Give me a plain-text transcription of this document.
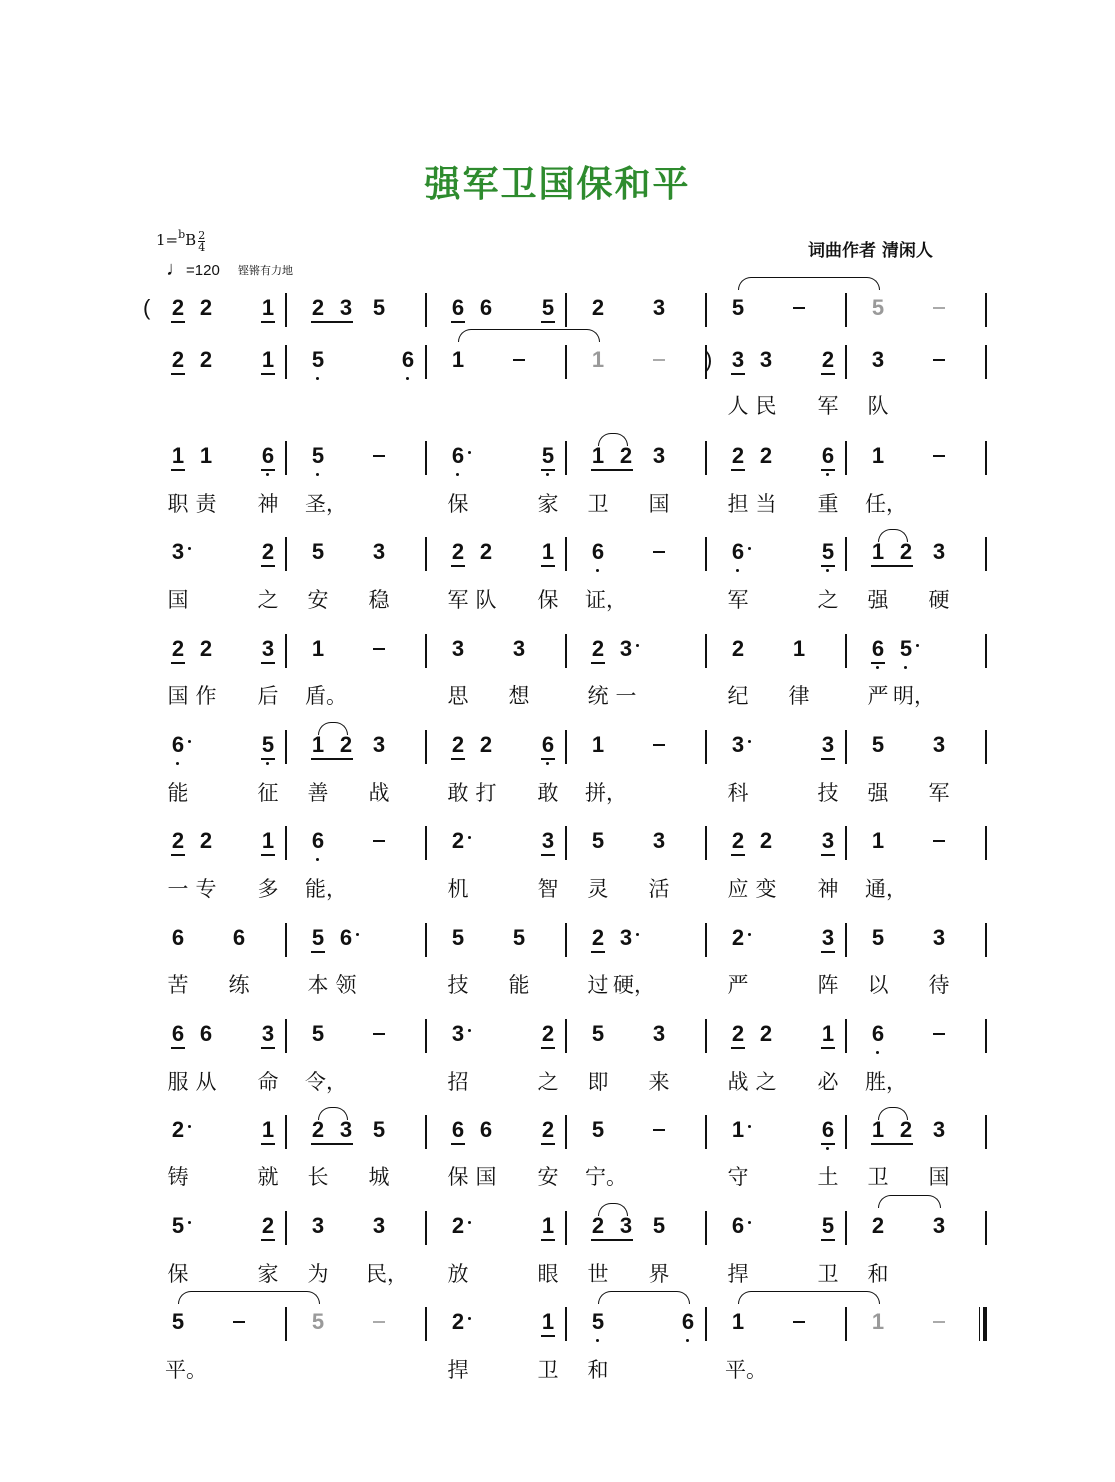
强军卫国保和平
$1=^bB \frac{2}{4}$
♩=120 铿锵有力地
词曲作者 清闲人
( 2 2 1 2 3 5	6 6 5 2 3	5	5
2 2 1 5	6 1	1	) 3 3 2 3
人 民 军 队
1 1 6 5	6	5 1 2 3	2 2 6 1
职 责 神 圣，	保	家 卫 国	担 当 重 任，
3	2 5 3	2 2 1 6	6	5 1 2 3
国	之 安 稳	军 队 保 证，	军	之 强 硬
2 2 3 1	3 3	2 3	2 1	6 5
国 作 后 盾。	思 想	统 一	纪 律	严 明，
6	5 1 2 3	2 2 6 1	3	3 5 3
能	征 善 战	敢 打 敢 拼，	科	技 强 军
2 2 1 6	2	3 5 3	2 2 3 1
一 专 多 能，	机	智 灵 活	应 变 神 通，
6 6	5 6	5 5	2 3	2	3 5 3
苦 练	本 领	技 能	过 硬，	严	阵 以 待
6 6 3 5	3	2 5 3	2 2 1 6
服 从 命 令，	招	之 即 来	战 之 必 胜，
2	1 2 3 5	6 6 2 5	1	6 1 2 3
铸	就 长 城	保 国 安 宁。	守	土 卫 国
5	2 3 3	2	1 2 3 5	6	5 2 3
保	家 为 民， 放	眼 世 界	捍	卫 和
5	5	2	1 5	6 1	1
平。	捍	卫 和	平。
